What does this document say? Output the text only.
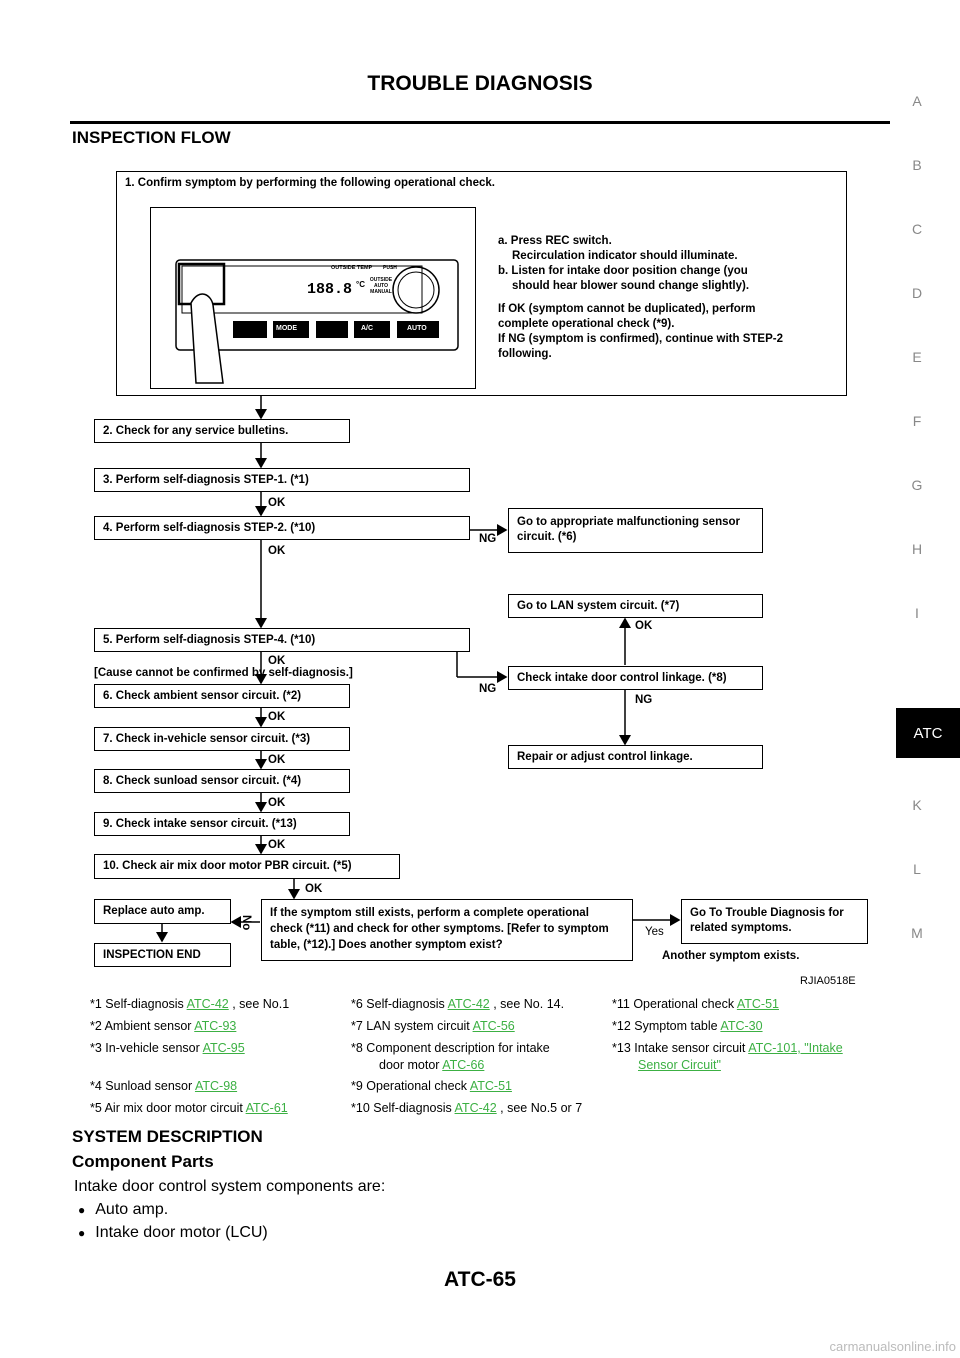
TROUBLE DIAGNOSIS
INSPECTION FLOW
A
B
C
D
E
F
G
H
I
ATC
K
L
M
1. Confirm symptom by performing the following operational check.
OUTSIDE TEMP PUSH
188.8 °C OUTSIDE AUTO MANUAL
MODE	A/C	AUTO
a. Press REC switch.
Recirculation indicator should illuminate.
b. Listen for intake door position change (you
should hear blower sound change slightly).
If OK (symptom cannot be duplicated), perform
complete operational check (*9).
If NG (symptom is confirmed), continue with STEP-2
following.
2. Check for any service bulletins.
3. Perform self-diagnosis STEP-1. (*1)
OK
4. Perform self-diagnosis STEP-2. (*10)
OK
NG
Go to appropriate malfunctioning sensor circuit. (*6)
Go to LAN system circuit. (*7)
OK
5. Perform self-diagnosis STEP-4. (*10)
OK
[Cause cannot be confirmed by self-diagnosis.]
NG
Check intake door control linkage. (*8)
NG
6. Check ambient sensor circuit. (*2)
OK
7. Check in-vehicle sensor circuit. (*3)
OK	Repair or adjust control linkage.
8. Check sunload sensor circuit. (*4)
OK
9. Check intake sensor circuit. (*13)
OK
10. Check air mix door motor PBR circuit. (*5)
OK
Replace auto amp.
No
If the symptom still exists, perform a complete operational check (*11) and check for other symptoms. [Refer to symptom table, (*12).] Does another symptom exist?
Yes
Go To Trouble Diagnosis for related symptoms.
INSPECTION END	Another symptom exists.
RJIA0518E
*1 Self-diagnosis ATC-42 , see No.1
*2 Ambient sensor ATC-93
*3 In-vehicle sensor ATC-95
*4 Sunload sensor ATC-98
*5 Air mix door motor circuit ATC-61
*6 Self-diagnosis ATC-42 , see No. 14.
*7 LAN system circuit ATC-56
*8 Component description for intake
door motor ATC-66
*9 Operational check ATC-51
*10 Self-diagnosis ATC-42 , see No.5 or 7
*11 Operational check ATC-51
*12 Symptom table ATC-30
*13 Intake sensor circuit ATC-101, "Intake
Sensor Circuit"
SYSTEM DESCRIPTION
Component Parts
Intake door control system components are:
● Auto amp.
● Intake door motor (LCU)
ATC-65
carmanualsonline.info
